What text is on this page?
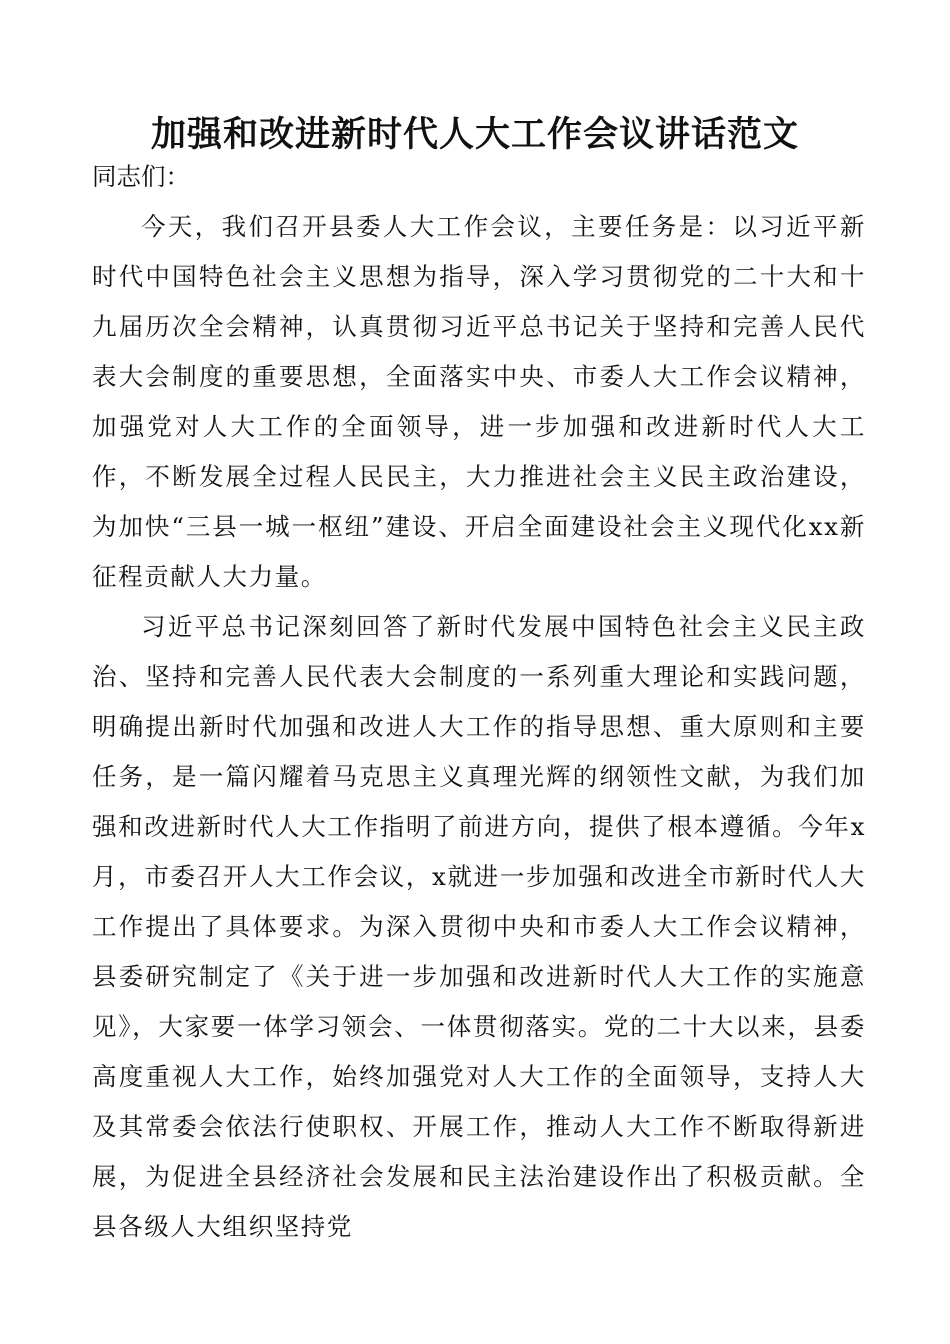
加强和改进新时代人大工作会议讲话范文

同志们：

今天，我们召开县委人大工作会议，主要任务是：以习近平新时代中国特色社会主义思想为指导，深入学习贯彻党的二十大和十九届历次全会精神，认真贯彻习近平总书记关于坚持和完善人民代表大会制度的重要思想，全面落实中央、市委人大工作会议精神，加强党对人大工作的全面领导，进一步加强和改进新时代人大工作，不断发展全过程人民民主，大力推进社会主义民主政治建设，为加快“三县一城一枢纽”建设、开启全面建设社会主义现代化xx新征程贡献人大力量。

习近平总书记深刻回答了新时代发展中国特色社会主义民主政治、坚持和完善人民代表大会制度的一系列重大理论和实践问题，明确提出新时代加强和改进人大工作的指导思想、重大原则和主要任务，是一篇闪耀着马克思主义真理光辉的纲领性文献，为我们加强和改进新时代人大工作指明了前进方向，提供了根本遵循。今年x月，市委召开人大工作会议，x就进一步加强和改进全市新时代人大工作提出了具体要求。为深入贯彻中央和市委人大工作会议精神，县委研究制定了《关于进一步加强和改进新时代人大工作的实施意见》，大家要一体学习领会、一体贯彻落实。党的二十大以来，县委高度重视人大工作，始终加强党对人大工作的全面领导，支持人大及其常委会依法行使职权、开展工作，推动人大工作不断取得新进展，为促进全县经济社会发展和民主法治建设作出了积极贡献。全县各级人大组织坚持党
